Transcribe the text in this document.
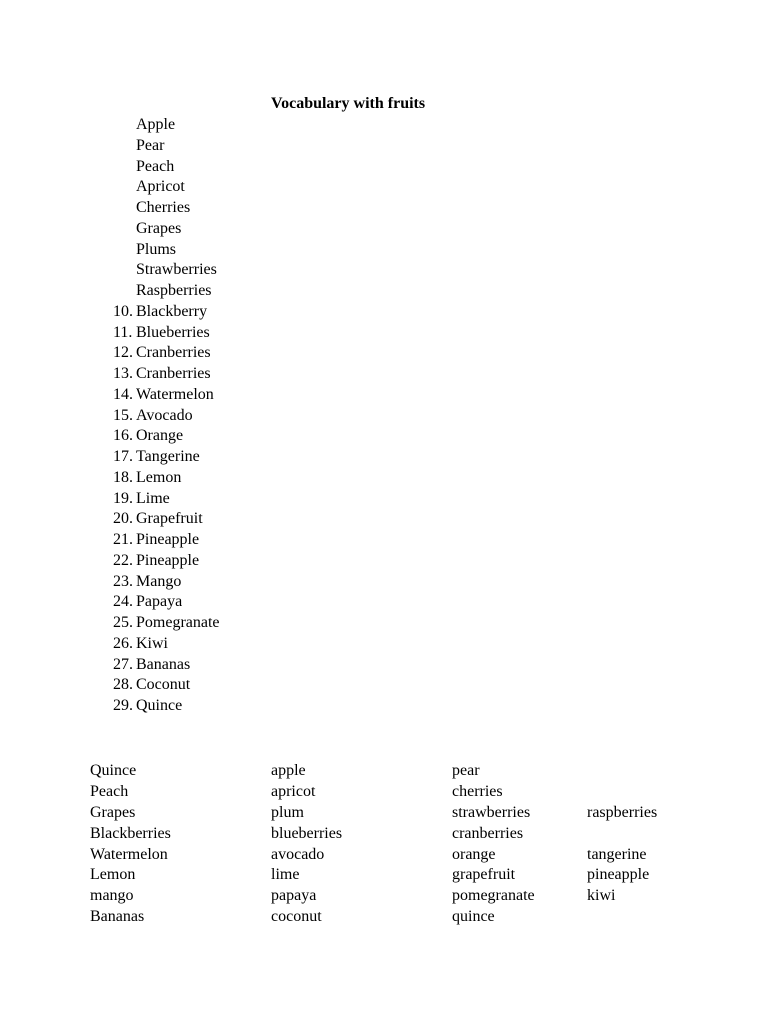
Vocabulary with fruits
Apple
Pear
Peach
Apricot
Cherries
Grapes
Plums
Strawberries
Raspberries
10. Blackberry
11. Blueberries
12. Cranberries
13. Cranberries
14. Watermelon
15. Avocado
16. Orange
17. Tangerine
18. Lemon
19. Lime
20. Grapefruit
21. Pineapple
22. Pineapple
23. Mango
24. Papaya
25. Pomegranate
26. Kiwi
27. Bananas
28. Coconut
29. Quince
Quince	apple	pear
Peach	apricot	cherries
Grapes	plum	strawberries	raspberries
Blackberries	blueberries	cranberries
Watermelon	avocado	orange	tangerine
Lemon	lime	grapefruit	pineapple
mango	papaya	pomegranate	kiwi
Bananas	coconut	quince
